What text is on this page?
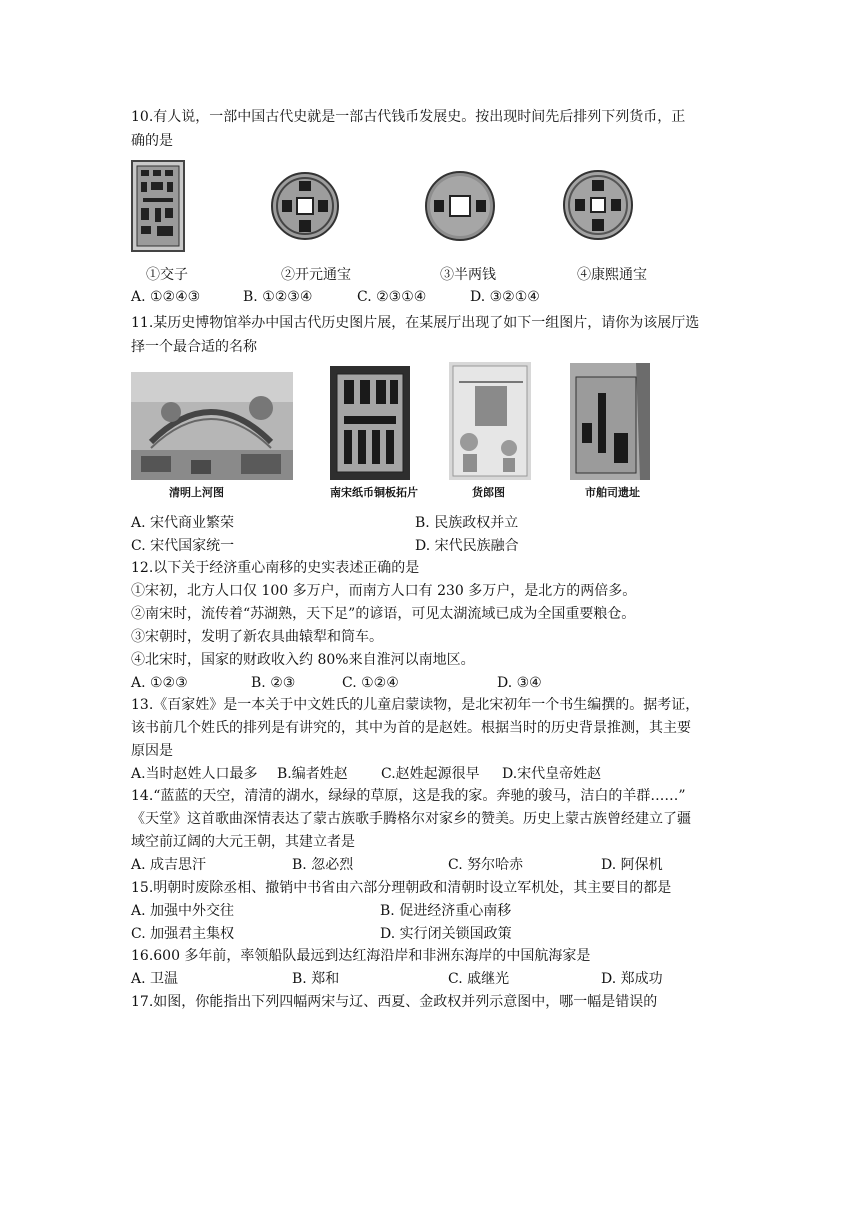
10.有人说，一部中国古代史就是一部古代钱币发展史。按出现时间先后排列下列货币，正
确的是
①交子	②开元通宝	③半两钱	④康熙通宝
A. ①②④③	B. ①②③④	C. ②③①④	D. ③②①④
11.某历史博物馆举办中国古代历史图片展，在某展厅出现了如下一组图片，请你为该展厅选
择一个最合适的名称
清明上河图	南宋纸币铜板拓片	货郎图	市舶司遗址
A. 宋代商业繁荣	B. 民族政权并立
C. 宋代国家统一	D. 宋代民族融合
12.以下关于经济重心南移的史实表述正确的是
①宋初，北方人口仅 100 多万户，而南方人口有 230 多万户，是北方的两倍多。
②南宋时，流传着“苏湖熟，天下足”的谚语，可见太湖流域已成为全国重要粮仓。
③宋朝时，发明了新农具曲辕犁和筒车。
④北宋时，国家的财政收入约 80%来自淮河以南地区。
A. ①②③	B. ②③	C. ①②④	D. ③④
13.《百家姓》是一本关于中文姓氏的儿童启蒙读物，是北宋初年一个书生编撰的。据考证，
该书前几个姓氏的排列是有讲究的，其中为首的是赵姓。根据当时的历史背景推测，其主要
原因是
A.当时赵姓人口最多 B.编者姓赵 C.赵姓起源很早 D.宋代皇帝姓赵
14.“蓝蓝的天空，清清的湖水，绿绿的草原，这是我的家。奔驰的骏马，洁白的羊群……”
《天堂》这首歌曲深情表达了蒙古族歌手腾格尔对家乡的赞美。历史上蒙古族曾经建立了疆
域空前辽阔的大元王朝，其建立者是
A. 成吉思汗	B. 忽必烈	C. 努尔哈赤	D. 阿保机
15.明朝时废除丞相、撤销中书省由六部分理朝政和清朝时设立军机处，其主要目的都是
A. 加强中外交往	B. 促进经济重心南移
C. 加强君主集权	D. 实行闭关锁国政策
16.600 多年前，率领船队最远到达红海沿岸和非洲东海岸的中国航海家是
A. 卫温	B. 郑和	C. 戚继光	D. 郑成功
17.如图，你能指出下列四幅两宋与辽、西夏、金政权并列示意图中，哪一幅是错误的
